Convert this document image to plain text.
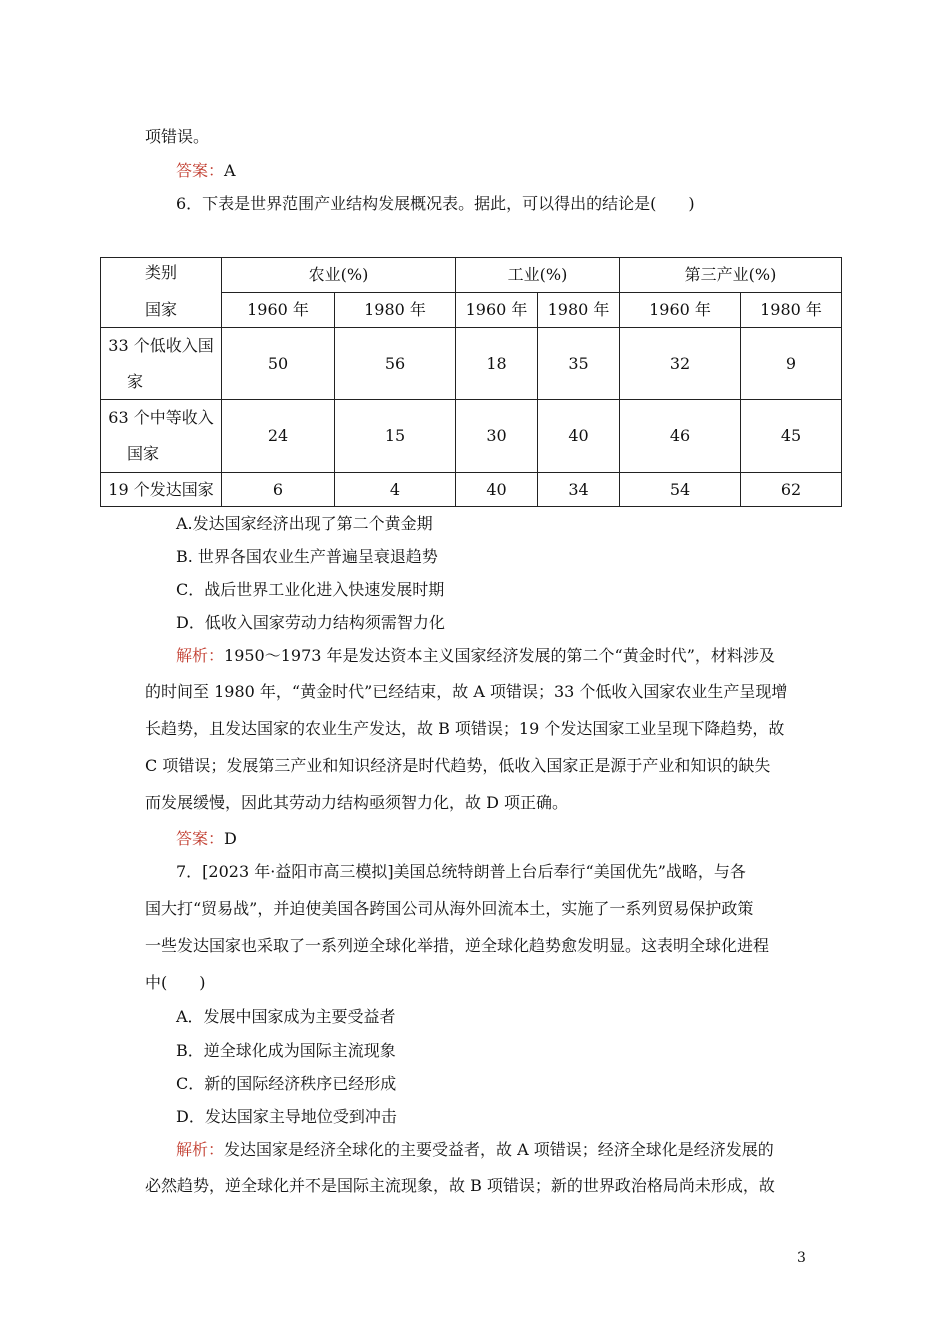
项错误。
答案：A
6．下表是世界范围产业结构发展概况表。据此，可以得出的结论是(　　)
类别
国家	农业(%)		工业(%)		第三产业(%)	
	1960 年	1980 年	1960 年	1980 年	1960 年	1980 年

33 个低收入国
家	50	56	18	35	32	9

63 个中等收入
国家	24	15	30	40	46	45
19 个发达国家	6	4	40	34	54	62
A.发达国家经济出现了第二个黄金期
B. 世界各国农业生产普遍呈衰退趋势
C．战后世界工业化进入快速发展时期
D．低收入国家劳动力结构须需智力化
解析：1950～1973 年是发达资本主义国家经济发展的第二个“黄金时代”，材料涉及
的时间至 1980 年，“黄金时代”已经结束，故 A 项错误；33 个低收入国家农业生产呈现增
长趋势，且发达国家的农业生产发达，故 B 项错误；19 个发达国家工业呈现下降趋势，故
C 项错误；发展第三产业和知识经济是时代趋势，低收入国家正是源于产业和知识的缺失
而发展缓慢，因此其劳动力结构亟须智力化，故 D 项正确。
答案：D
7．[2023 年·益阳市高三模拟]美国总统特朗普上台后奉行“美国优先”战略，与各
国大打“贸易战”，并迫使美国各跨国公司从海外回流本土，实施了一系列贸易保护政策
一些发达国家也采取了一系列逆全球化举措，逆全球化趋势愈发明显。这表明全球化进程
中(　　)
A．发展中国家成为主要受益者
B．逆全球化成为国际主流现象
C．新的国际经济秩序已经形成
D．发达国家主导地位受到冲击
解析：发达国家是经济全球化的主要受益者，故 A 项错误；经济全球化是经济发展的
必然趋势，逆全球化并不是国际主流现象，故 B 项错误；新的世界政治格局尚未形成，故
3
